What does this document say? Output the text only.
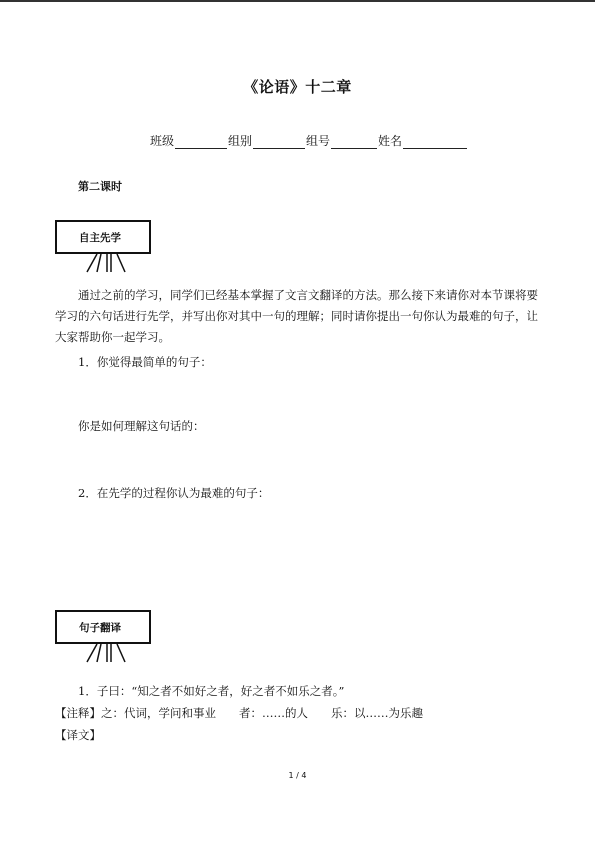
《论语》十二章
班级	组别	组号	姓名
第二课时
自主先学
通过之前的学习，同学们已经基本掌握了文言文翻译的方法。那么接下来请你对本节课将要学习的六句话进行先学，并写出你对其中一句的理解；同时请你提出一句你认为最难的句子，让大家帮助你一起学习。
1．你觉得最简单的句子：
你是如何理解这句话的：
2．在先学的过程你认为最难的句子：
句子翻译
1．子曰：“知之者不如好之者，好之者不如乐之者。”
【注释】之：代词，学问和事业　　者：……的人　　乐：以……为乐趣
【译文】
1 / 4
